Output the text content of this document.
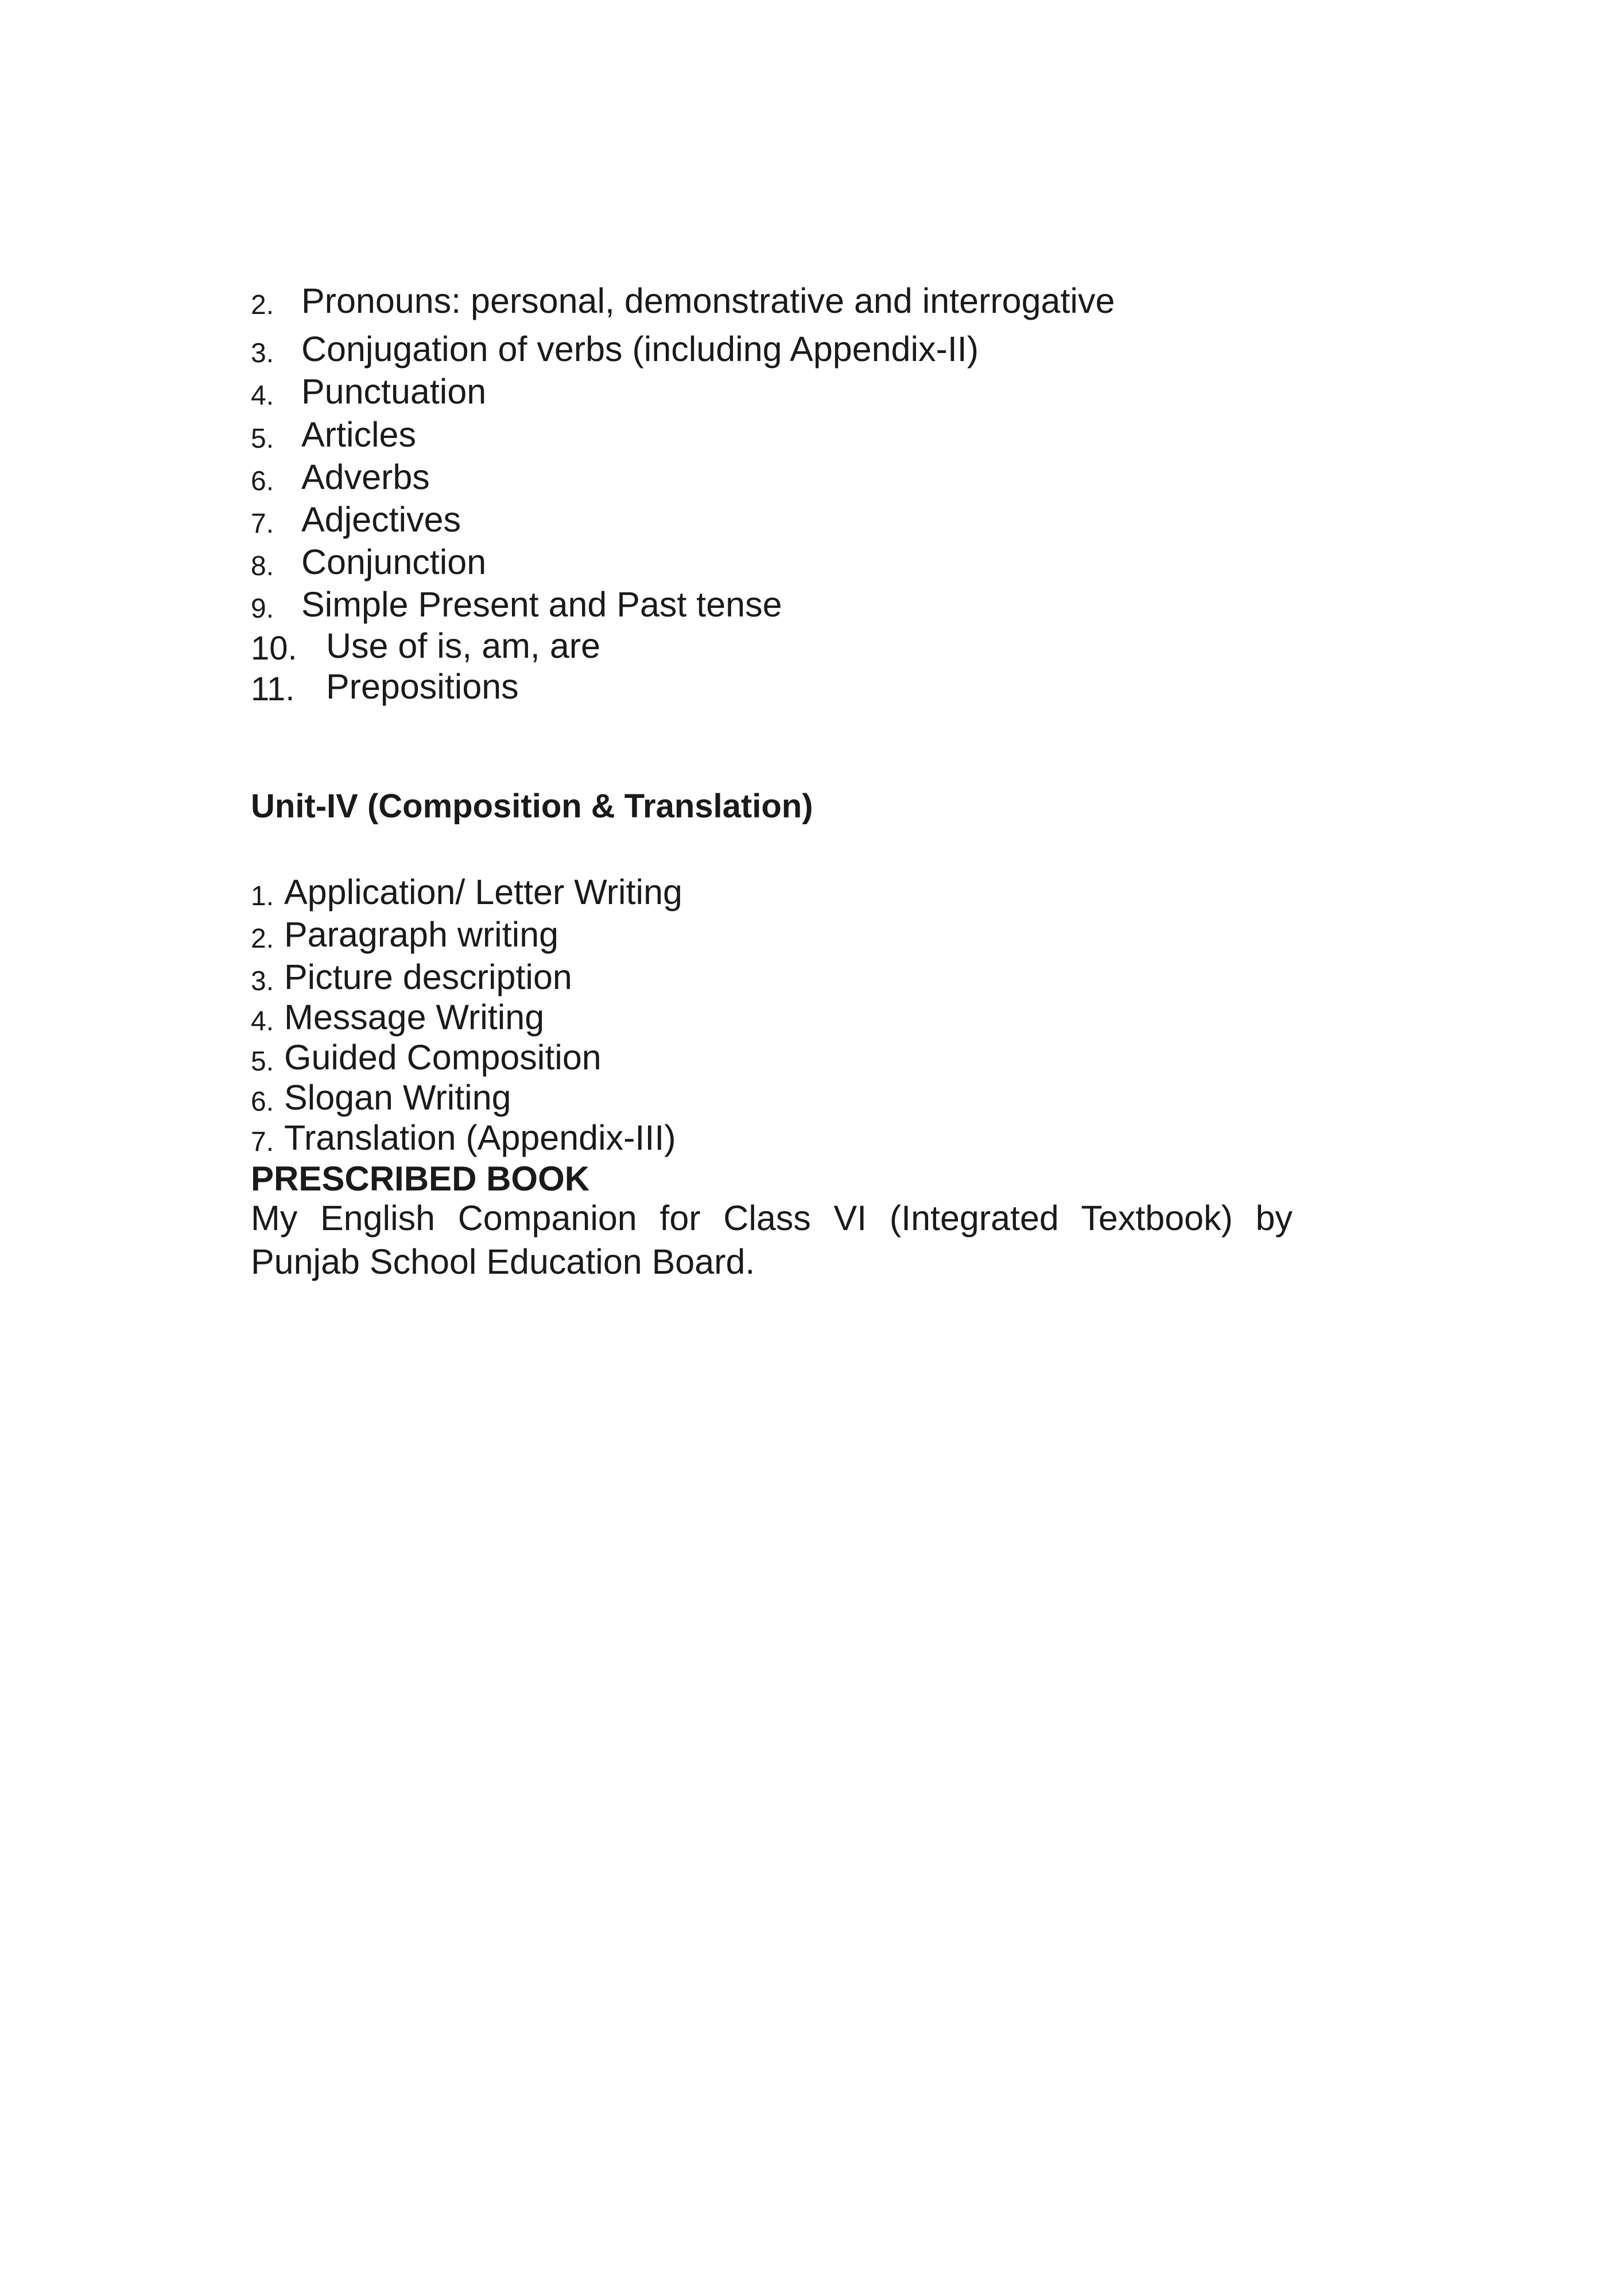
2. Pronouns: personal, demonstrative and interrogative
3. Conjugation of verbs (including Appendix-II)
4. Punctuation
5. Articles
6. Adverbs
7. Adjectives
8. Conjunction
9. Simple Present and Past tense
10. Use of is, am, are
11. Prepositions
Unit-IV (Composition & Translation)
1. Application/ Letter Writing
2. Paragraph writing
3. Picture description
4. Message Writing
5. Guided Composition
6. Slogan Writing
7. Translation (Appendix-III)
PRESCRIBED BOOK
My English Companion for Class VI (Integrated Textbook) by Punjab School Education Board.
